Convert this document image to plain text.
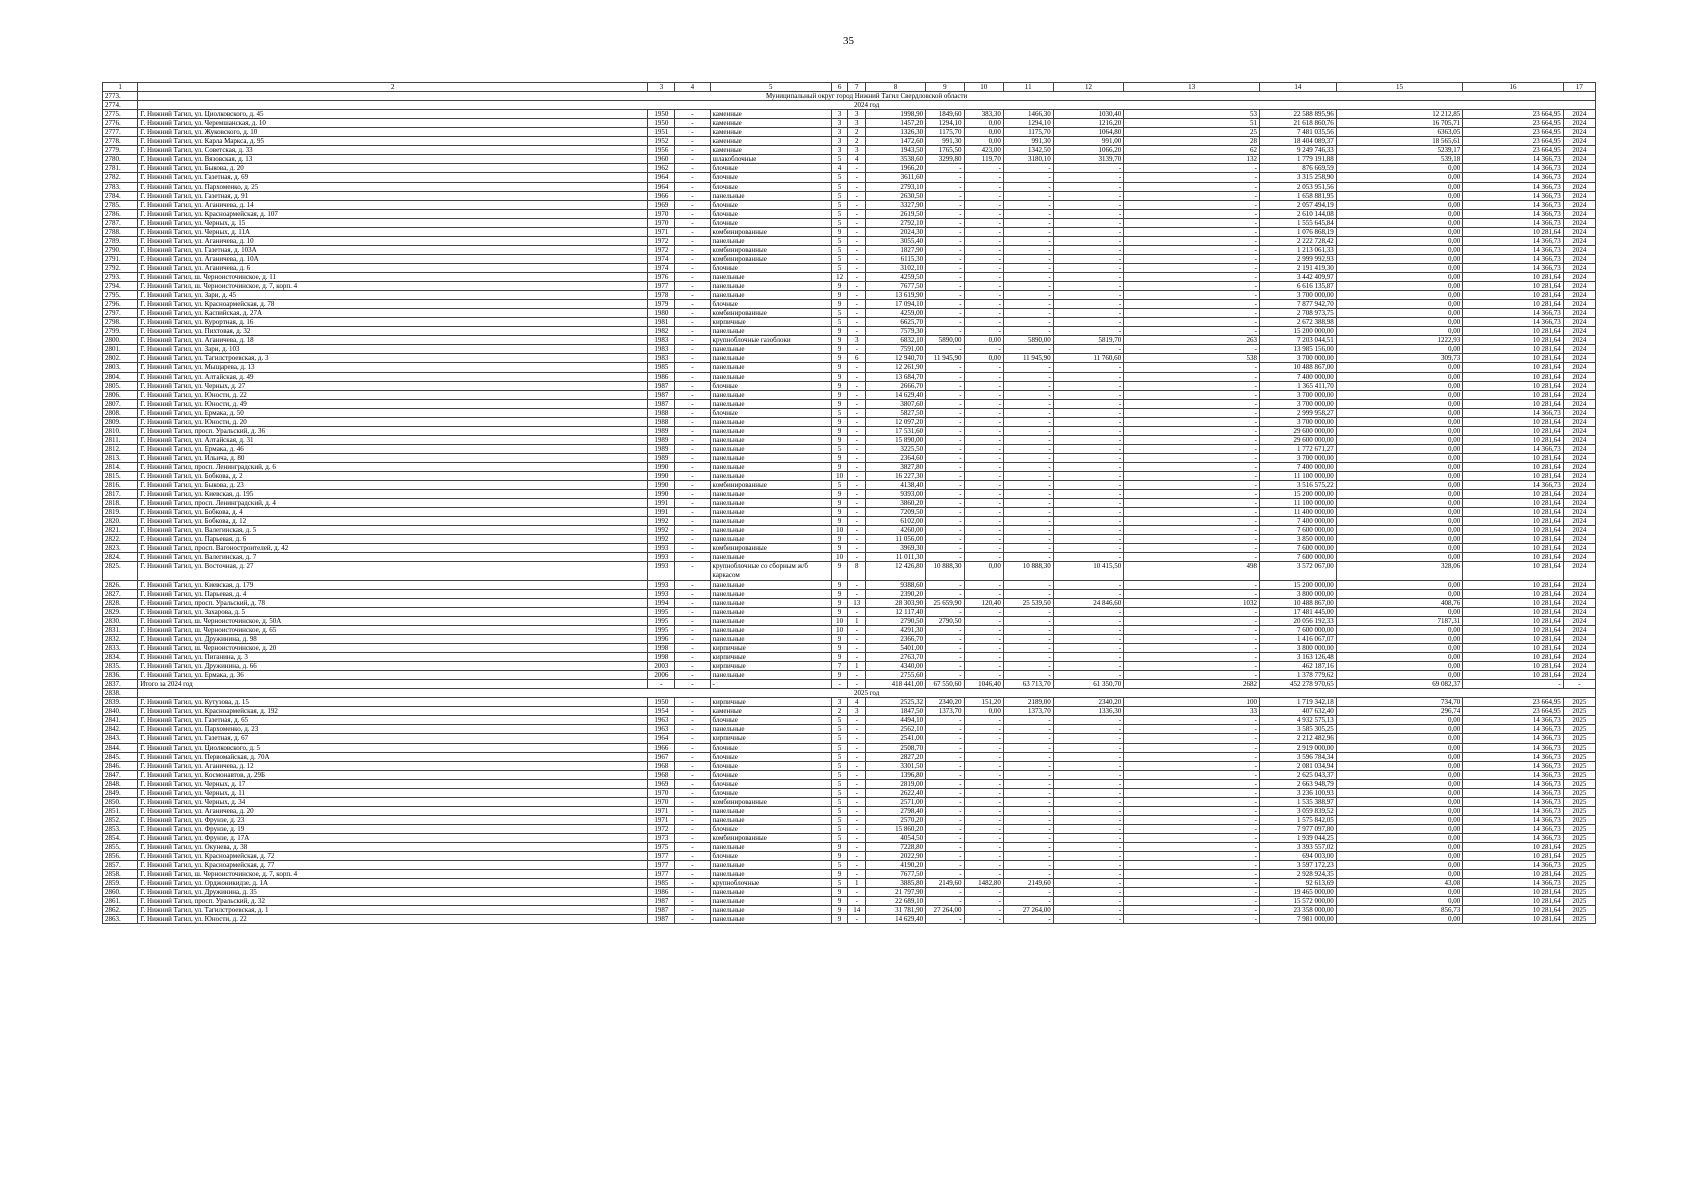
35
1	2	3	4	5	6	7	8	9	10	11	12	13	14	15	16	17
2773.	Муниципальный округ город Нижний Тагил Свердловской области															
2774.	2024 год															
2775.	Г. Нижний Тагил, ул. Циолковского, д. 45	1950	-	каменные	3	3	1998,90	1849,60	383,30	1466,30	1030,40	53	22 588 895,96	12 212,85	23 664,95	2024
2776.	Г. Нижний Тагил, ул. Черемшанская, д. 10	1950	-	каменные	3	3	1457,20	1294,10	0,00	1294,10	1216,20	51	21 618 860,76	16 705,71	23 664,95	2024
2777.	Г. Нижний Тагил, ул. Жуковского, д. 10	1951	-	каменные	3	2	1326,30	1175,70	0,00	1175,70	1064,80	25	7 481 035,56	6363,05	23 664,95	2024
2778.	Г. Нижний Тагил, ул. Карла Маркса, д. 95	1952	-	каменные	3	2	1472,60	991,30	0,00	991,30	991,00	28	18 404 089,37	18 565,61	23 664,95	2024
2779.	Г. Нижний Тагил, ул. Советская, д. 33	1956	-	каменные	3	3	1943,50	1765,50	423,00	1342,50	1066,20	62	9 249 746,33	5239,17	23 664,95	2024
2780.	Г. Нижний Тагил, ул. Вязовская, д. 13	1960	-	шлакоблочные	5	4	3538,60	3299,80	119,70	3180,10	3139,70	132	1 779 191,88	539,18	14 366,73	2024
2781.	Г. Нижний Тагил, ул. Быкова, д. 20	1962	-	блочные	4	-	1966,20	-	-	-	-	-	876 669,59	0,00	14 366,73	2024
2782.	Г. Нижний Тагил, ул. Газетная, д. 69	1964	-	блочные	5	-	3611,60	-	-	-	-	-	3 315 258,90	0,00	14 366,73	2024
2783.	Г. Нижний Тагил, ул. Пархоменко, д. 25	1964	-	блочные	5	-	2793,10	-	-	-	-	-	2 053 951,56	0,00	14 366,73	2024
2784.	Г. Нижний Тагил, ул. Газетная, д. 91	1966	-	панельные	5	-	2630,50	-	-	-	-	-	1 658 881,95	0,00	14 366,73	2024
2785.	Г. Нижний Тагил, ул. Аганичева, д. 14	1969	-	блочные	5	-	3327,90	-	-	-	-	-	2 057 494,19	0,00	14 366,73	2024
2786.	Г. Нижний Тагил, ул. Красноармейская, д. 107	1970	-	блочные	5	-	2619,50	-	-	-	-	-	2 610 144,08	0,00	14 366,73	2024
2787.	Г. Нижний Тагил, ул. Черных, д. 15	1970	-	блочные	5	-	2792,10	-	-	-	-	-	1 555 645,84	0,00	14 366,73	2024
2788.	Г. Нижний Тагил, ул. Черных, д. 11А	1971	-	комбинированные	9	-	2024,30	-	-	-	-	-	1 076 868,19	0,00	10 281,64	2024
2789.	Г. Нижний Тагил, ул. Аганичева, д. 10	1972	-	панельные	5	-	3055,40	-	-	-	-	-	2 222 728,42	0,00	14 366,73	2024
2790.	Г. Нижний Тагил, ул. Газетная, д. 103А	1972	-	комбинированные	5	-	1827,90	-	-	-	-	-	1 213 061,33	0,00	14 366,73	2024
2791.	Г. Нижний Тагил, ул. Аганичева, д. 10А	1974	-	комбинированные	5	-	6115,30	-	-	-	-	-	2 999 992,93	0,00	14 366,73	2024
2792.	Г. Нижний Тагил, ул. Аганичева, д. 6	1974	-	блочные	5	-	3102,10	-	-	-	-	-	2 191 419,30	0,00	14 366,73	2024
2793.	Г. Нижний Тагил, ш. Черноисточинское, д. 11	1976	-	панельные	12	-	4259,50	-	-	-	-	-	3 442 409,97	0,00	10 281,64	2024
2794.	Г. Нижний Тагил, ш. Черноисточинское, д. 7, корп. 4	1977	-	панельные	9	-	7677,50	-	-	-	-	-	6 616 135,87	0,00	10 281,64	2024
2795.	Г. Нижний Тагил, ул. Зари, д. 45	1978	-	панельные	9	-	13 619,90	-	-	-	-	-	3 700 000,00	0,00	10 281,64	2024
2796.	Г. Нижний Тагил, ул. Красноармейская, д. 78	1979	-	блочные	9	-	17 094,10	-	-	-	-	-	7 877 942,70	0,00	10 281,64	2024
2797.	Г. Нижний Тагил, ул. Каспийская, д. 27А	1980	-	комбинированные	5	-	4259,00	-	-	-	-	-	2 708 973,75	0,00	14 366,73	2024
2798.	Г. Нижний Тагил, ул. Курортная, д. 16	1981	-	кирпичные	5	-	6625,70	-	-	-	-	-	2 672 388,98	0,00	14 366,73	2024
2799.	Г. Нижний Тагил, ул. Пихтовая, д. 32	1982	-	панельные	9	-	7579,30	-	-	-	-	-	15 200 000,00	0,00	10 281,64	2024
2800.	Г. Нижний Тагил, ул. Аганичева, д. 18	1983	-	крупноблочные газоблоки	9	3	6832,10	5890,00	0,00	5890,00	5819,70	263	7 203 044,51	1222,93	10 281,64	2024
2801.	Г. Нижний Тагил, ул. Зари, д. 103	1983	-	панельные	9	-	7591,00	-	-	-	-	-	13 985 156,00	0,00	10 281,64	2024
2802.	Г. Нижний Тагил, ул. Тагилстроевская, д. 3	1983	-	панельные	9	6	12 940,70	11 945,90	0,00	11 945,90	11 760,60	538	3 700 000,00	309,73	10 281,64	2024
2803.	Г. Нижний Тагил, ул. Мыщарева, д. 13	1985	-	панельные	9	-	12 261,90	-	-	-	-	-	10 488 867,00	0,00	10 281,64	2024
2804.	Г. Нижний Тагил, ул. Алтайская, д. 49	1986	-	панельные	9	-	13 684,70	-	-	-	-	-	7 400 000,00	0,00	10 281,64	2024
2805.	Г. Нижний Тагил, ул. Черных, д. 27	1987	-	блочные	9	-	2666,70	-	-	-	-	-	1 365 411,70	0,00	10 281,64	2024
2806.	Г. Нижний Тагил, ул. Юности, д. 22	1987	-	панельные	9	-	14 629,40	-	-	-	-	-	3 700 000,00	0,00	10 281,64	2024
2807.	Г. Нижний Тагил, ул. Юности, д. 49	1987	-	панельные	9	-	3807,60	-	-	-	-	-	3 700 000,00	0,00	10 281,64	2024
2808.	Г. Нижний Тагил, ул. Ермака, д. 50	1988	-	блочные	5	-	5827,50	-	-	-	-	-	2 999 958,27	0,00	14 366,73	2024
2809.	Г. Нижний Тагил, ул. Юности, д. 20	1988	-	панельные	9	-	12 097,20	-	-	-	-	-	3 700 000,00	0,00	10 281,64	2024
2810.	Г. Нижний Тагил, просп. Уральский, д. 36	1989	-	панельные	9	-	17 531,60	-	-	-	-	-	29 600 000,00	0,00	10 281,64	2024
2811.	Г. Нижний Тагил, ул. Алтайская, д. 31	1989	-	панельные	9	-	15 890,00	-	-	-	-	-	29 600 000,00	0,00	10 281,64	2024
2812.	Г. Нижний Тагил, ул. Ермака, д. 46	1989	-	панельные	5	-	3225,50	-	-	-	-	-	1 772 671,27	0,00	14 366,73	2024
2813.	Г. Нижний Тагил, ул. Ильича, д. 80	1989	-	панельные	9	-	2364,60	-	-	-	-	-	3 700 000,00	0,00	10 281,64	2024
2814.	Г. Нижний Тагил, просп. Ленинградский, д. 6	1990	-	панельные	9	-	3827,80	-	-	-	-	-	7 400 000,00	0,00	10 281,64	2024
2815.	Г. Нижний Тагил, ул. Бобкова, д. 2	1990	-	панельные	10	-	16 227,30	-	-	-	-	-	11 100 000,00	0,00	10 281,64	2024
2816.	Г. Нижний Тагил, ул. Быкова, д. 23	1990	-	комбинированные	5	-	4138,40	-	-	-	-	-	3 516 575,22	0,00	14 366,73	2024
2817.	Г. Нижний Тагил, ул. Киевская, д. 195	1990	-	панельные	9	-	9393,00	-	-	-	-	-	15 200 000,00	0,00	10 281,64	2024
2818.	Г. Нижний Тагил, просп. Ленинградский, д. 4	1991	-	панельные	9	-	3860,20	-	-	-	-	-	11 100 000,00	0,00	10 281,64	2024
2819.	Г. Нижний Тагил, ул. Бобкова, д. 4	1991	-	панельные	9	-	7209,50	-	-	-	-	-	11 400 000,00	0,00	10 281,64	2024
2820.	Г. Нижний Тагил, ул. Бобкова, д. 12	1992	-	панельные	9	-	6102,00	-	-	-	-	-	7 400 000,00	0,00	10 281,64	2024
2821.	Г. Нижний Тагил, ул. Валегинская, д. 5	1992	-	панельные	10	-	4260,00	-	-	-	-	-	7 600 000,00	0,00	10 281,64	2024
2822.	Г. Нижний Тагил, ул. Парьевая, д. 6	1992	-	панельные	9	-	11 056,00	-	-	-	-	-	3 850 000,00	0,00	10 281,64	2024
2823.	Г. Нижний Тагил, просп. Вагоностроителей, д. 42	1993	-	комбинированные	9	-	3969,30	-	-	-	-	-	7 600 000,00	0,00	10 281,64	2024
2824.	Г. Нижний Тагил, ул. Валегинская, д. 7	1993	-	панельные	10	-	11 011,30	-	-	-	-	-	7 600 000,00	0,00	10 281,64	2024
2825.	Г. Нижний Тагил, ул. Восточная, д. 27	1993	-	крупноблочные со сборным ж/б каркасом	9	8	12 426,80	10 888,30	0,00	10 888,30	10 415,50	498	3 572 067,00	328,06	10 281,64	2024
2826.	Г. Нижний Тагил, ул. Киевская, д. 179	1993	-	панельные	9	-	9388,60	-	-	-	-	-	15 200 000,00	0,00	10 281,64	2024
2827.	Г. Нижний Тагил, ул. Парьевая, д. 4	1993	-	панельные	9	-	2390,20	-	-	-	-	-	3 800 000,00	0,00	10 281,64	2024
2828.	Г. Нижний Тагил, просп. Уральский, д. 78	1994	-	панельные	9	13	28 303,90	25 659,90	120,40	25 539,50	24 846,60	1032	10 488 867,00	408,76	10 281,64	2024
2829.	Г. Нижний Тагил, ул. Захарова, д. 5	1995	-	панельные	9	-	12 117,40	-	-	-	-	-	17 481 445,00	0,00	10 281,64	2024
2830.	Г. Нижний Тагил, ш. Черноисточинское, д. 50А	1995	-	панельные	10	1	2790,50	2790,50	-	-	-	-	20 056 192,33	7187,31	10 281,64	2024
2831.	Г. Нижний Тагил, ш. Черноисточинское, д. 65	1995	-	панельные	10	-	4291,30	-	-	-	-	-	7 600 000,00	0,00	10 281,64	2024
2832.	Г. Нижний Тагил, ул. Дружинина, д. 98	1996	-	панельные	9	-	2366,70	-	-	-	-	-	1 416 067,07	0,00	10 281,64	2024
2833.	Г. Нижний Тагил, ш. Черноисточинское, д. 20	1998	-	кирпичные	9	-	5401,00	-	-	-	-	-	3 800 000,00	0,00	10 281,64	2024
2834.	Г. Нижний Тагил, ул. Пиганина, д. 3	1998	-	кирпичные	9	-	2763,70	-	-	-	-	-	3 163 126,48	0,00	10 281,64	2024
2835.	Г. Нижний Тагил, ул. Дружинина, д. 66	2003	-	кирпичные	7	1	4340,00	-	-	-	-	-	462 187,16	0,00	10 281,64	2024
2836.	Г. Нижний Тагил, ул. Ермака, д. 36	2006	-	панельные	9	-	2755,60	-	-	-	-	-	1 378 779,62	0,00	10 281,64	2024
2837.	Итого за 2024 год	-	-	-	-	-	418 441,00	67 550,60	1046,40	63 713,70	61 350,70	2682	452 278 970,65	69 082,37	-	-
2838.	2025 год															
2839.	Г. Нижний Тагил, ул. Кутузова, д. 15	1950	-	кирпичные	3	4	2525,32	2340,20	151,20	2189,00	2340,20	100	1 719 342,18	734,70	23 664,95	2025
2840.	Г. Нижний Тагил, ул. Красноармейская, д. 192	1954	-	каменные	2	3	1847,50	1373,70	0,00	1373,70	1336,30	33	407 632,40	296,74	23 664,95	2025
2841.	Г. Нижний Тагил, ул. Газетная, д. 65	1963	-	блочные	5	-	4494,10	-	-	-	-	-	4 932 575,13	0,00	14 366,73	2025
2842.	Г. Нижний Тагил, ул. Пархоменко, д. 23	1963	-	панельные	5	-	2562,10	-	-	-	-	-	3 585 305,25	0,00	14 366,73	2025
2843.	Г. Нижний Тагил, ул. Газетная, д. 67	1964	-	кирпичные	5	-	2541,00	-	-	-	-	-	2 212 482,96	0,00	14 366,73	2025
2844.	Г. Нижний Тагил, ул. Циолковского, д. 5	1966	-	блочные	5	-	2508,70	-	-	-	-	-	2 919 000,00	0,00	14 366,73	2025
2845.	Г. Нижний Тагил, ул. Первомайская, д. 70А	1967	-	блочные	5	-	2827,20	-	-	-	-	-	3 596 784,34	0,00	14 366,73	2025
2846.	Г. Нижний Тагил, ул. Аганичева, д. 12	1968	-	блочные	5	-	3301,50	-	-	-	-	-	2 081 034,94	0,00	14 366,73	2025
2847.	Г. Нижний Тагил, ул. Космонавтов, д. 29Б	1968	-	блочные	5	-	1396,80	-	-	-	-	-	2 625 043,37	0,00	14 366,73	2025
2848.	Г. Нижний Тагил, ул. Черных, д. 17	1969	-	блочные	5	-	2819,00	-	-	-	-	-	2 663 948,79	0,00	14 366,73	2025
2849.	Г. Нижний Тагил, ул. Черных, д. 11	1970	-	блочные	5	-	2622,40	-	-	-	-	-	3 236 100,93	0,00	14 366,73	2025
2850.	Г. Нижний Тагил, ул. Черных, д. 34	1970	-	комбинированные	5	-	2571,00	-	-	-	-	-	1 535 388,97	0,00	14 366,73	2025
2851.	Г. Нижний Тагил, ул. Аганичева, д. 20	1971	-	панельные	5	-	2798,40	-	-	-	-	-	3 059 839,52	0,00	14 366,73	2025
2852.	Г. Нижний Тагил, ул. Фрунзе, д. 23	1971	-	панельные	5	-	2570,20	-	-	-	-	-	1 575 842,05	0,00	14 366,73	2025
2853.	Г. Нижний Тагил, ул. Фрунзе, д. 19	1972	-	блочные	5	-	15 860,20	-	-	-	-	-	7 977 097,80	0,00	14 366,73	2025
2854.	Г. Нижний Тагил, ул. Фрунзе, д. 17А	1973	-	комбинированные	5	-	4054,50	-	-	-	-	-	1 939 044,25	0,00	14 366,73	2025
2855.	Г. Нижний Тагил, ул. Окунева, д. 38	1975	-	панельные	9	-	7228,80	-	-	-	-	-	3 393 557,02	0,00	10 281,64	2025
2856.	Г. Нижний Тагил, ул. Красноармейская, д. 72	1977	-	блочные	9	-	2022,90	-	-	-	-	-	694 003,00	0,00	10 281,64	2025
2857.	Г. Нижний Тагил, ул. Красноармейская, д. 77	1977	-	панельные	5	-	4190,20	-	-	-	-	-	3 597 172,23	0,00	14 366,73	2025
2858.	Г. Нижний Тагил, ш. Черноисточинское, д. 7, корп. 4	1977	-	панельные	9	-	7677,50	-	-	-	-	-	2 928 924,35	0,00	10 281,64	2025
2859.	Г. Нижний Тагил, ул. Орджоникидзе, д. 1А	1985	-	крупноблочные	5	1	3885,80	2149,60	1482,80	2149,60	-	-	92 613,69	43,08	14 366,73	2025
2860.	Г. Нижний Тагил, ул. Дружинина, д. 35	1986	-	панельные	9	-	21 797,90	-	-	-	-	-	19 465 000,00	0,00	10 281,64	2025
2861.	Г. Нижний Тагил, просп. Уральский, д. 32	1987	-	панельные	9	-	22 689,10	-	-	-	-	-	15 572 000,00	0,00	10 281,64	2025
2862.	Г. Нижний Тагил, ул. Тагилстроевская, д. 1	1987	-	панельные	9	14	31 781,90	27 264,00	-	27 264,00	-	-	23 358 000,00	856,73	10 281,64	2025
2863.	Г. Нижний Тагил, ул. Юности, д. 22	1987	-	панельные	9	-	14 629,40	-	-	-	-	-	7 981 000,00	0,00	10 281,64	2025
